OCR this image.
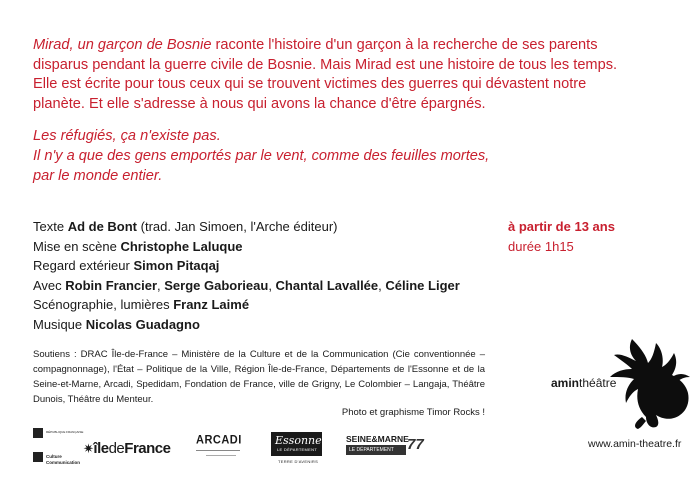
Mirad, un garçon de Bosnie raconte l'histoire d'un garçon à la recherche de ses parents
disparus pendant la guerre civile de Bosnie. Mais Mirad est une histoire de tous les temps.
Elle est écrite pour tous ceux qui se trouvent victimes des guerres qui dévastent notre
planète. Et elle s'adresse à nous qui avons la chance d'être épargnés.

Les réfugiés, ça n'existe pas.
Il n'y a que des gens emportés par le vent, comme des feuilles mortes,
par le monde entier.
Texte Ad de Bont (trad. Jan Simoen, l'Arche éditeur)
Mise en scène Christophe Laluque
Regard extérieur Simon Pitaqaj
Avec Robin Francier, Serge Gaborieau, Chantal Lavallée, Céline Liger
Scénographie, lumières Franz Laimé
Musique Nicolas Guadagno
à partir de 13 ans
durée 1h15
Soutiens : DRAC Île-de-France – Ministère de la Culture et de la Communication (Cie conventionnée – compagnonnage), l'État – Politique de la Ville, Région Île-de-France, Départements de l'Essonne et de la Seine-et-Marne, Arcadi, Spedidam, Fondation de France, ville de Grigny, Le Colombier – Langaja, Théâtre Dunois, Théâtre du Menteur.
Photo et graphisme Timor Rocks !
RÉPUBLIQUE FRANÇAISE
Culture
Communication
✷îledeFrance ARCADI	Essonne
LE DÉPARTEMENT
TERRE D'AVENIRS
SEINE&MARNE
LE DÉPARTEMENT 77
aminthéâtre
www.amin-theatre.fr
